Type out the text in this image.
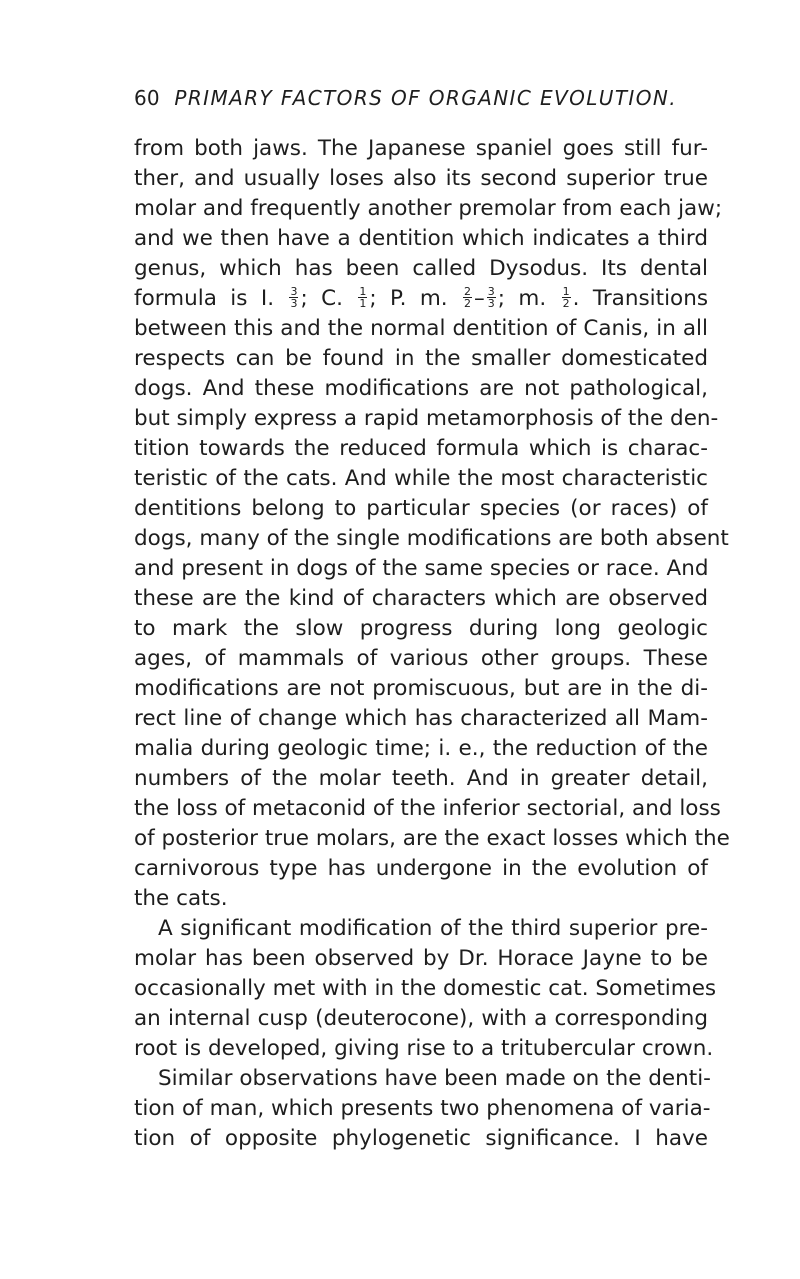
60 PRIMARY FACTORS OF ORGANIC EVOLUTION.
from both jaws. The Japanese spaniel goes still fur-
ther, and usually loses also its second superior true
molar and frequently another premolar from each jaw;
and we then have a dentition which indicates a third
genus, which has been called Dysodus. Its dental
formula is I. $\frac{3}{3}$ ; C. $\frac{1}{1}$ ; P. m. $\frac{2}{2} - \frac{3}{3}$ ; m. $\frac{1}{2}$ . Transitions
between this and the normal dentition of Canis, in all
respects can be found in the smaller domesticated
dogs. And these modifications are not pathological,
but simply express a rapid metamorphosis of the den-
tition towards the reduced formula which is charac-
teristic of the cats. And while the most characteristic
dentitions belong to particular species (or races) of
dogs, many of the single modifications are both absent
and present in dogs of the same species or race. And
these are the kind of characters which are observed
to mark the slow progress during long geologic
ages, of mammals of various other groups. These
modifications are not promiscuous, but are in the di-
rect line of change which has characterized all Mam-
malia during geologic time; i. e., the reduction of the
numbers of the molar teeth. And in greater detail,
the loss of metaconid of the inferior sectorial, and loss
of posterior true molars, are the exact losses which the
carnivorous type has undergone in the evolution of
the cats.
A significant modification of the third superior pre-
molar has been observed by Dr. Horace Jayne to be
occasionally met with in the domestic cat. Sometimes
an internal cusp (deuterocone), with a corresponding
root is developed, giving rise to a tritubercular crown.
Similar observations have been made on the denti-
tion of man, which presents two phenomena of varia-
tion of opposite phylogenetic significance. I have
